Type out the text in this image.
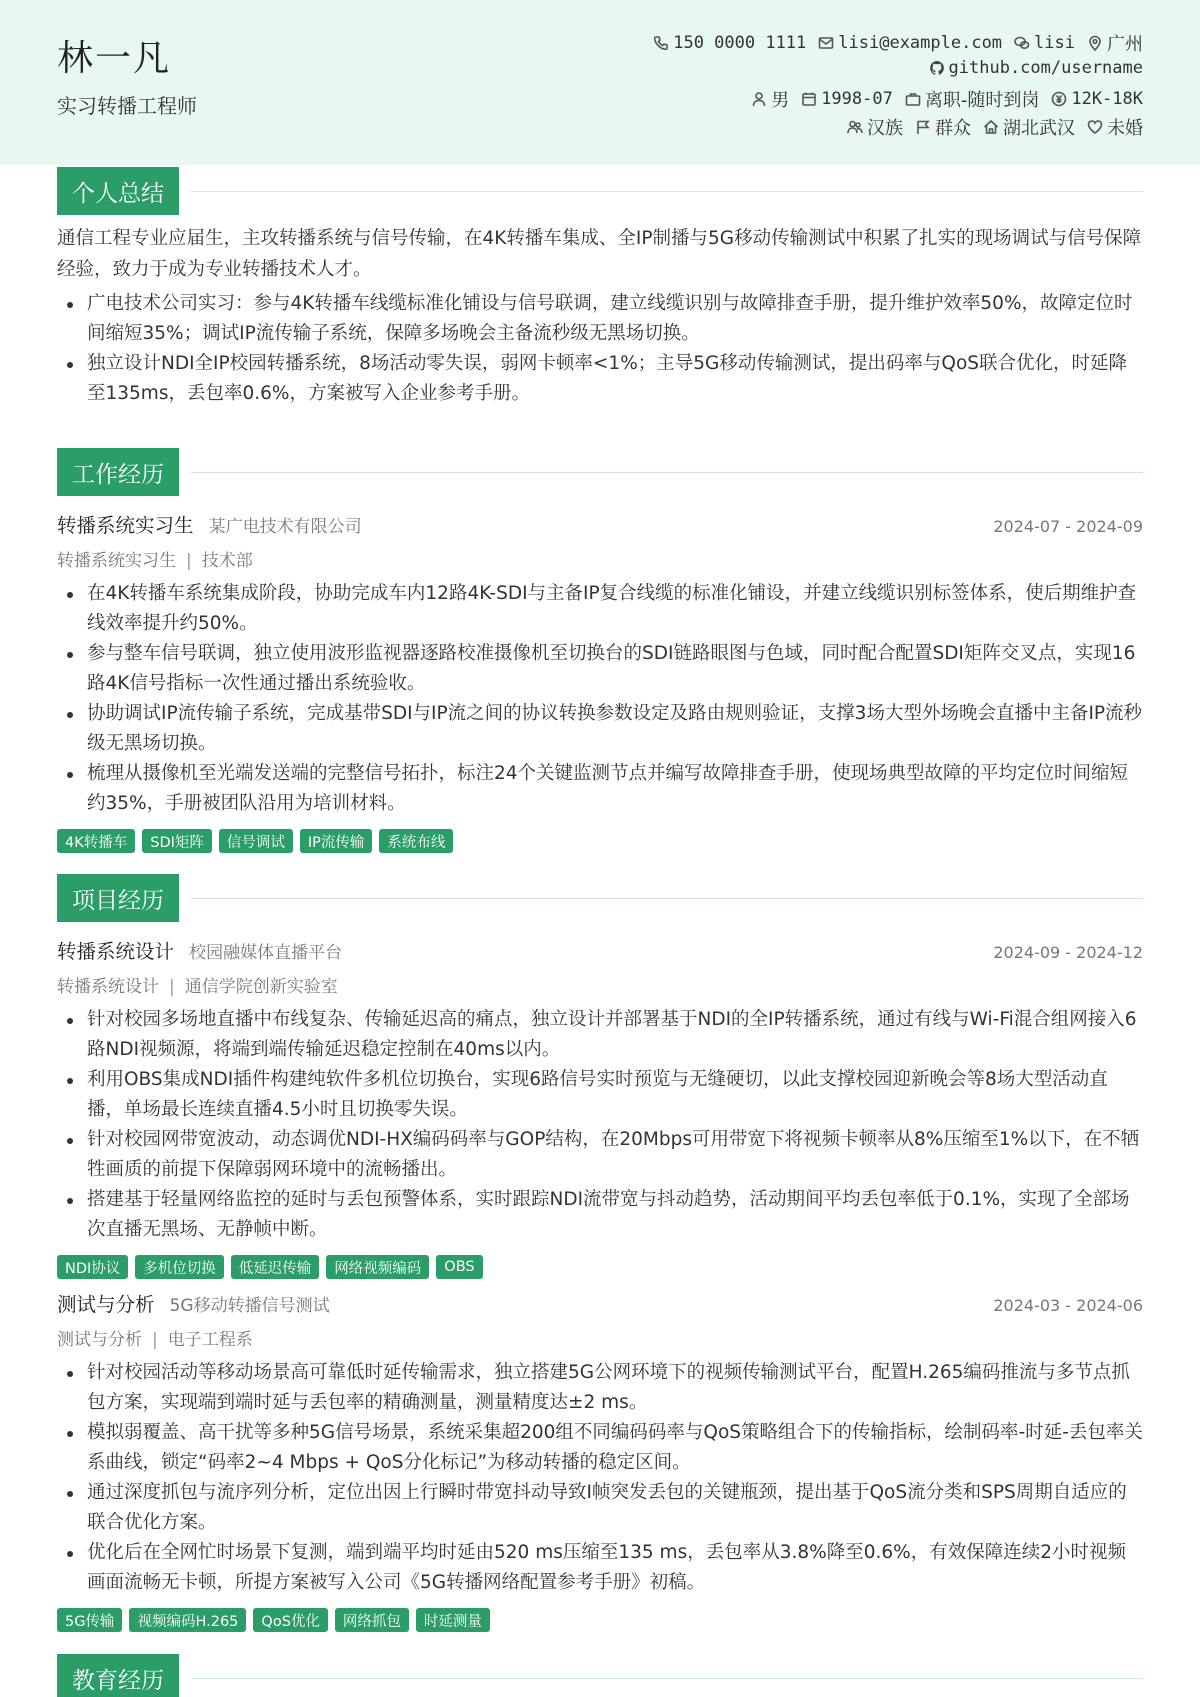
林一凡
实习转播工程师
150 0000 1111 lisi@example.com lisi 广州
github.com/username
男 1998-07 离职-随时到岗 12K-18K
汉族 群众 湖北武汉 未婚
个人总结
通信工程专业应届生，主攻转播系统与信号传输，在4K转播车集成、全IP制播与5G移动传输测试中积累了扎实的现场调试与信号保障经验，致力于成为专业转播技术人才。
广电技术公司实习：参与4K转播车线缆标准化铺设与信号联调，建立线缆识别与故障排查手册，提升维护效率50%，故障定位时间缩短35%；调试IP流传输子系统，保障多场晚会主备流秒级无黑场切换。
独立设计NDI全IP校园转播系统，8场活动零失误，弱网卡顿率<1%；主导5G移动传输测试，提出码率与QoS联合优化，时延降至135ms，丢包率0.6%，方案被写入企业参考手册。
工作经历
转播系统实习生 某广电技术有限公司	2024-07 - 2024-09
转播系统实习生 | 技术部
在4K转播车系统集成阶段，协助完成车内12路4K-SDI与主备IP复合线缆的标准化铺设，并建立线缆识别标签体系，使后期维护查线效率提升约50%。
参与整车信号联调，独立使用波形监视器逐路校准摄像机至切换台的SDI链路眼图与色域，同时配合配置SDI矩阵交叉点，实现16路4K信号指标一次性通过播出系统验收。
协助调试IP流传输子系统，完成基带SDI与IP流之间的协议转换参数设定及路由规则验证，支撑3场大型外场晚会直播中主备IP流秒级无黑场切换。
梳理从摄像机至光端发送端的完整信号拓扑，标注24个关键监测节点并编写故障排查手册，使现场典型故障的平均定位时间缩短约35%，手册被团队沿用为培训材料。
4K转播车	SDI矩阵	信号调试	IP流传输	系统布线
项目经历
转播系统设计 校园融媒体直播平台	2024-09 - 2024-12
转播系统设计 | 通信学院创新实验室
针对校园多场地直播中布线复杂、传输延迟高的痛点，独立设计并部署基于NDI的全IP转播系统，通过有线与Wi-Fi混合组网接入6路NDI视频源，将端到端传输延迟稳定控制在40ms以内。
利用OBS集成NDI插件构建纯软件多机位切换台，实现6路信号实时预览与无缝硬切，以此支撑校园迎新晚会等8场大型活动直播，单场最长连续直播4.5小时且切换零失误。
针对校园网带宽波动，动态调优NDI-HX编码码率与GOP结构，在20Mbps可用带宽下将视频卡顿率从8%压缩至1%以下，在不牺牲画质的前提下保障弱网环境中的流畅播出。
搭建基于轻量网络监控的延时与丢包预警体系，实时跟踪NDI流带宽与抖动趋势，活动期间平均丢包率低于0.1%，实现了全部场次直播无黑场、无静帧中断。
NDI协议	多机位切换	低延迟传输	网络视频编码	OBS
测试与分析 5G移动转播信号测试	2024-03 - 2024-06
测试与分析 | 电子工程系
针对校园活动等移动场景高可靠低时延传输需求，独立搭建5G公网环境下的视频传输测试平台，配置H.265编码推流与多节点抓包方案，实现端到端时延与丢包率的精确测量，测量精度达±2 ms。
模拟弱覆盖、高干扰等多种5G信号场景，系统采集超200组不同编码码率与QoS策略组合下的传输指标，绘制码率-时延-丢包率关系曲线，锁定“码率2~4 Mbps + QoS分化标记”为移动转播的稳定区间。
通过深度抓包与流序列分析，定位出因上行瞬时带宽抖动导致I帧突发丢包的关键瓶颈，提出基于QoS流分类和SPS周期自适应的联合优化方案。
优化后在全网忙时场景下复测，端到端平均时延由520 ms压缩至135 ms，丢包率从3.8%降至0.6%，有效保障连续2小时视频画面流畅无卡顿，所提方案被写入公司《5G转播网络配置参考手册》初稿。
5G传输	视频编码H.265	QoS优化	网络抓包	时延测量
教育经历
